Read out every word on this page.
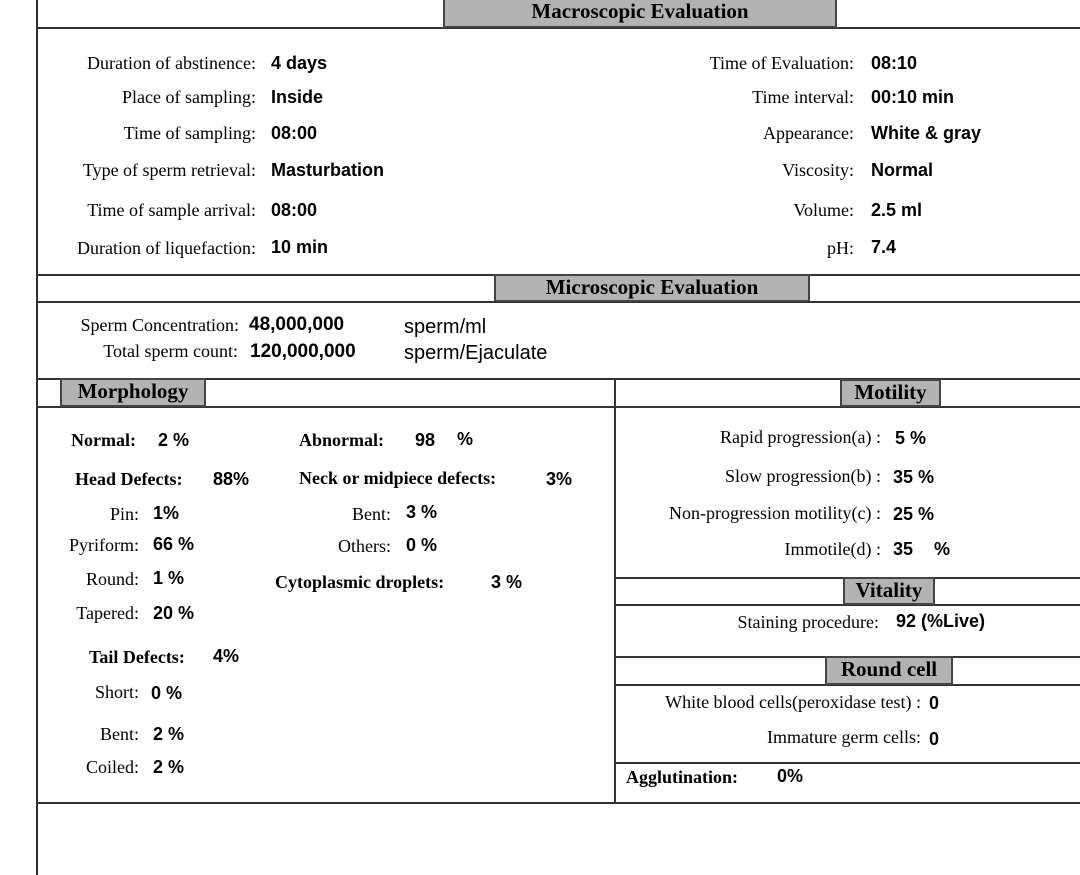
Macroscopic Evaluation
Microscopic Evaluation
Morphology	Motility
Vitality
Round cell
Duration of abstinence: 4 days
Place of sampling: Inside
Time of sampling: 08:00
Type of sperm retrieval: Masturbation
Time of sample arrival: 08:00
Duration of liquefaction: 10 min
Time of Evaluation: 08:10
Time interval: 00:10 min
Appearance: White & gray
Viscosity: Normal
Volume: 2.5 ml
pH: 7.4
Sperm Concentration: 48,000,000	sperm/ml
Total sperm count: 120,000,000 sperm/Ejaculate
Normal: 2 %	Abnormal: 98 %
Head Defects: 88%	Neck or midpiece defects:	3%
Pin: 1%	Bent: 3 %
Pyriform: 66 %	Others: 0 %
Round: 1 %	Cytoplasmic droplets:	3 %
Tapered: 20 %
Tail Defects: 4%
Short: 0 %
Bent: 2 %
Coiled: 2 %
Rapid progression(a) : 5 %
Slow progression(b) : 35 %
Non-progression motility(c) : 25 %
Immotile(d) : 35 %
Staining procedure: 92 (%Live)
White blood cells(peroxidase test) : 0
Immature germ cells: 0
Agglutination: 0%
